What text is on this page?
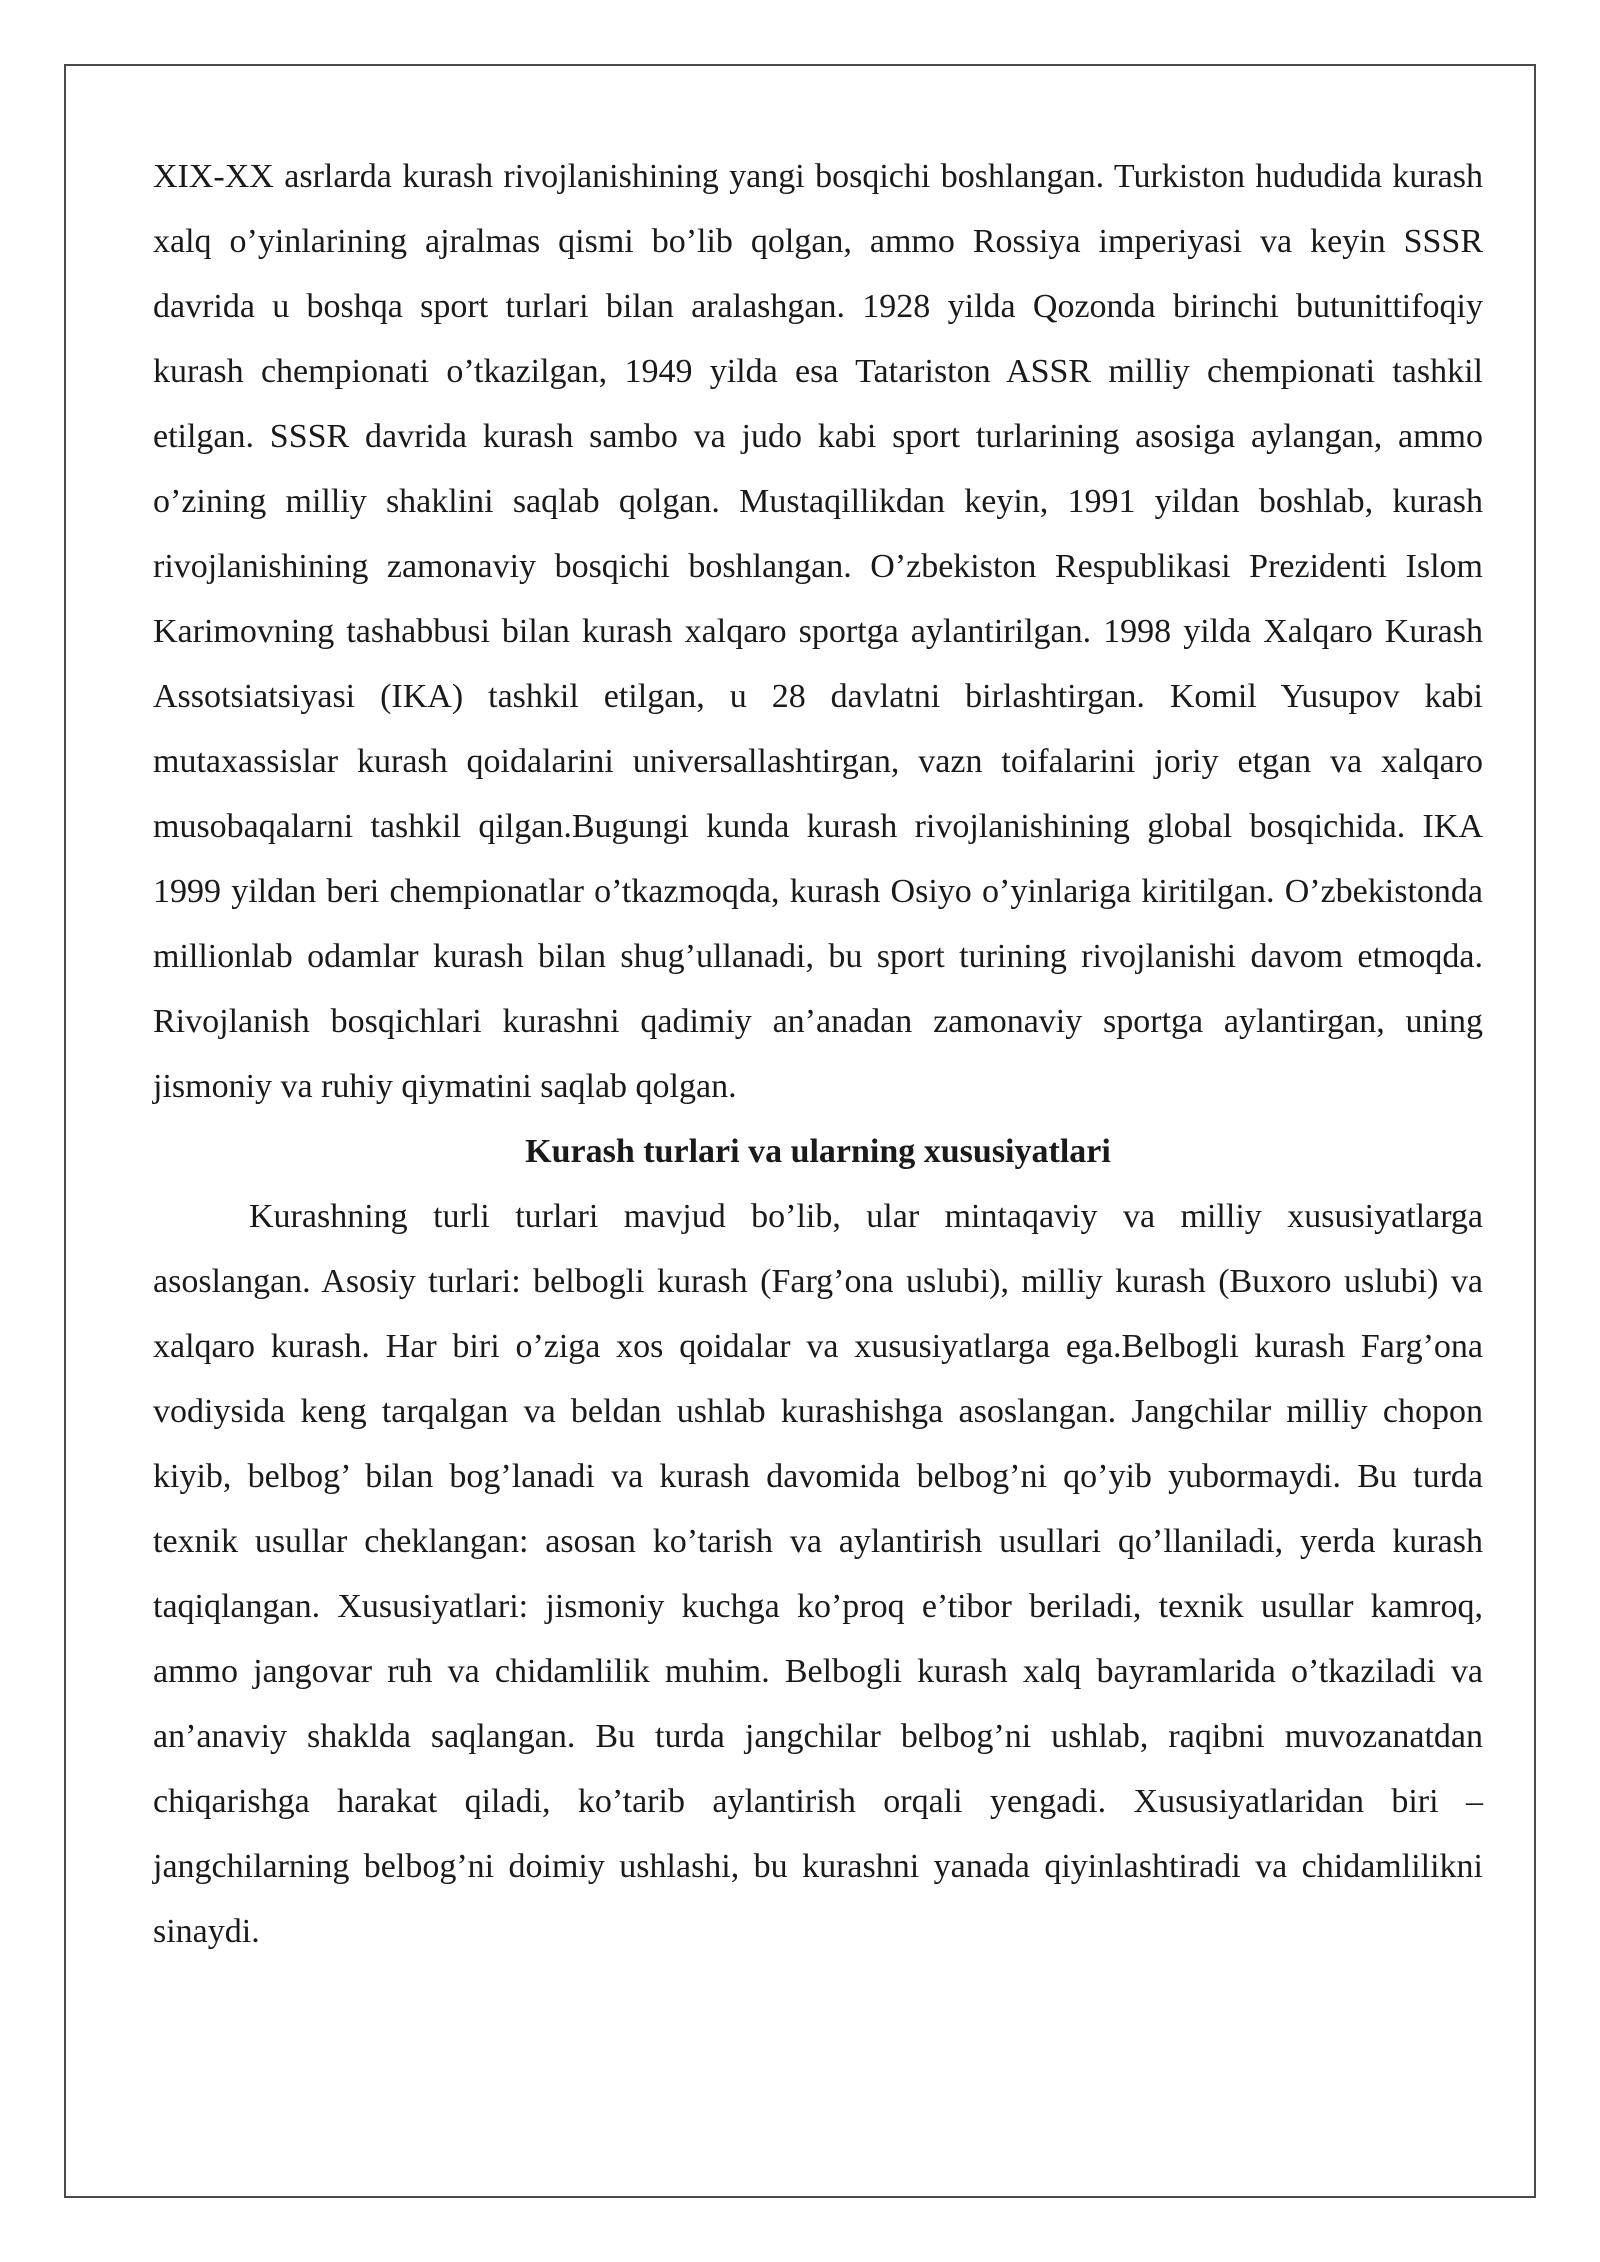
XIX-XX asrlarda kurash rivojlanishining yangi bosqichi boshlangan. Turkiston hududida kurash xalq o’yinlarining ajralmas qismi bo’lib qolgan, ammo Rossiya imperiyasi va keyin SSSR davrida u boshqa sport turlari bilan aralashgan. 1928 yilda Qozonda birinchi butunittifoqiy kurash chempionati o’tkazilgan, 1949 yilda esa Tatariston ASSR milliy chempionati tashkil etilgan. SSSR davrida kurash sambo va judo kabi sport turlarining asosiga aylangan, ammo o’zining milliy shaklini saqlab qolgan. Mustaqillikdan keyin, 1991 yildan boshlab, kurash rivojlanishining zamonaviy bosqichi boshlangan. O’zbekiston Respublikasi Prezidenti Islom Karimovning tashabbusi bilan kurash xalqaro sportga aylantirilgan. 1998 yilda Xalqaro Kurash Assotsiatsiyasi (IKA) tashkil etilgan, u 28 davlatni birlashtirgan. Komil Yusupov kabi mutaxassislar kurash qoidalarini universallashtirgan, vazn toifalarini joriy etgan va xalqaro musobaqalarni tashkil qilgan.Bugungi kunda kurash rivojlanishining global bosqichida. IKA 1999 yildan beri chempionatlar o’tkazmoqda, kurash Osiyo o’yinlariga kiritilgan. O’zbekistonda millionlab odamlar kurash bilan shug’ullanadi, bu sport turining rivojlanishi davom etmoqda. Rivojlanish bosqichlari kurashni qadimiy an’anadan zamonaviy sportga aylantirgan, uning jismoniy va ruhiy qiymatini saqlab qolgan.

Kurash turlari va ularning xususiyatlari

Kurashning turli turlari mavjud bo’lib, ular mintaqaviy va milliy xususiyatlarga asoslangan. Asosiy turlari: belbogli kurash (Farg’ona uslubi), milliy kurash (Buxoro uslubi) va xalqaro kurash. Har biri o’ziga xos qoidalar va xususiyatlarga ega.Belbogli kurash Farg’ona vodiysida keng tarqalgan va beldan ushlab kurashishga asoslangan. Jangchilar milliy chopon kiyib, belbog’ bilan bog’lanadi va kurash davomida belbog’ni qo’yib yubormaydi. Bu turda texnik usullar cheklangan: asosan ko’tarish va aylantirish usullari qo’llaniladi, yerda kurash taqiqlangan. Xususiyatlari: jismoniy kuchga ko’proq e’tibor beriladi, texnik usullar kamroq, ammo jangovar ruh va chidamlilik muhim. Belbogli kurash xalq bayramlarida o’tkaziladi va an’anaviy shaklda saqlangan. Bu turda jangchilar belbog’ni ushlab, raqibni muvozanatdan chiqarishga harakat qiladi, ko’tarib aylantirish orqali yengadi. Xususiyatlaridan biri – jangchilarning belbog’ni doimiy ushlashi, bu kurashni yanada qiyinlashtiradi va chidamlilikni sinaydi.
